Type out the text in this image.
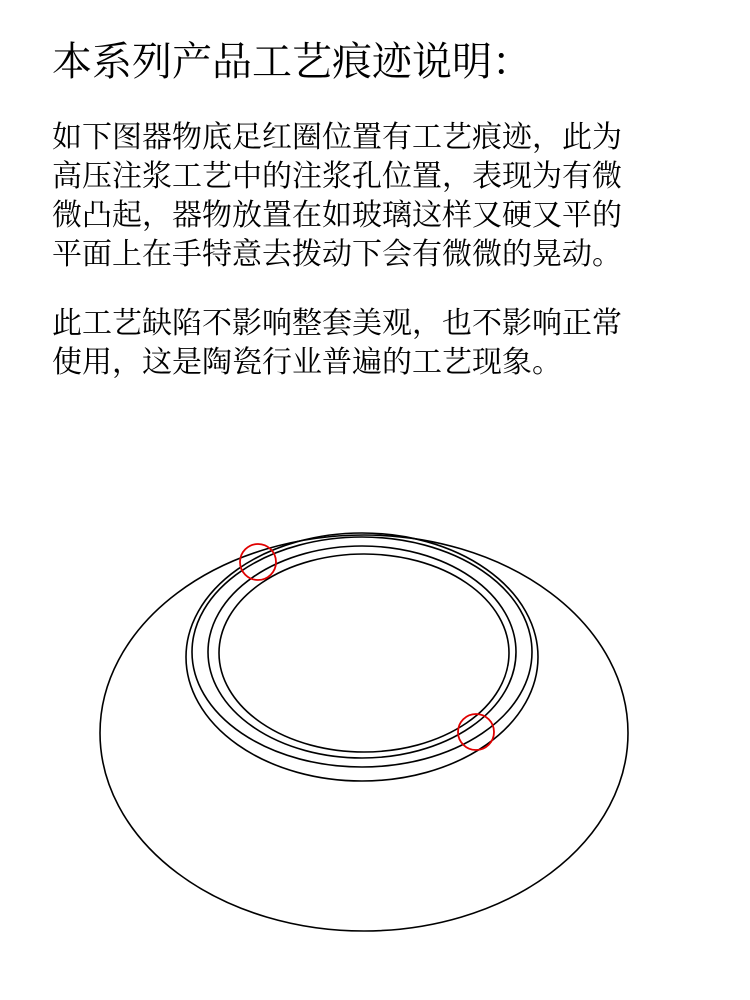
本系列产品工艺痕迹说明：

如下图器物底足红圈位置有工艺痕迹，此为
高压注浆工艺中的注浆孔位置，表现为有微
微凸起，器物放置在如玻璃这样又硬又平的
平面上在手特意去拨动下会有微微的晃动。

此工艺缺陷不影响整套美观，也不影响正常
使用，这是陶瓷行业普遍的工艺现象。
